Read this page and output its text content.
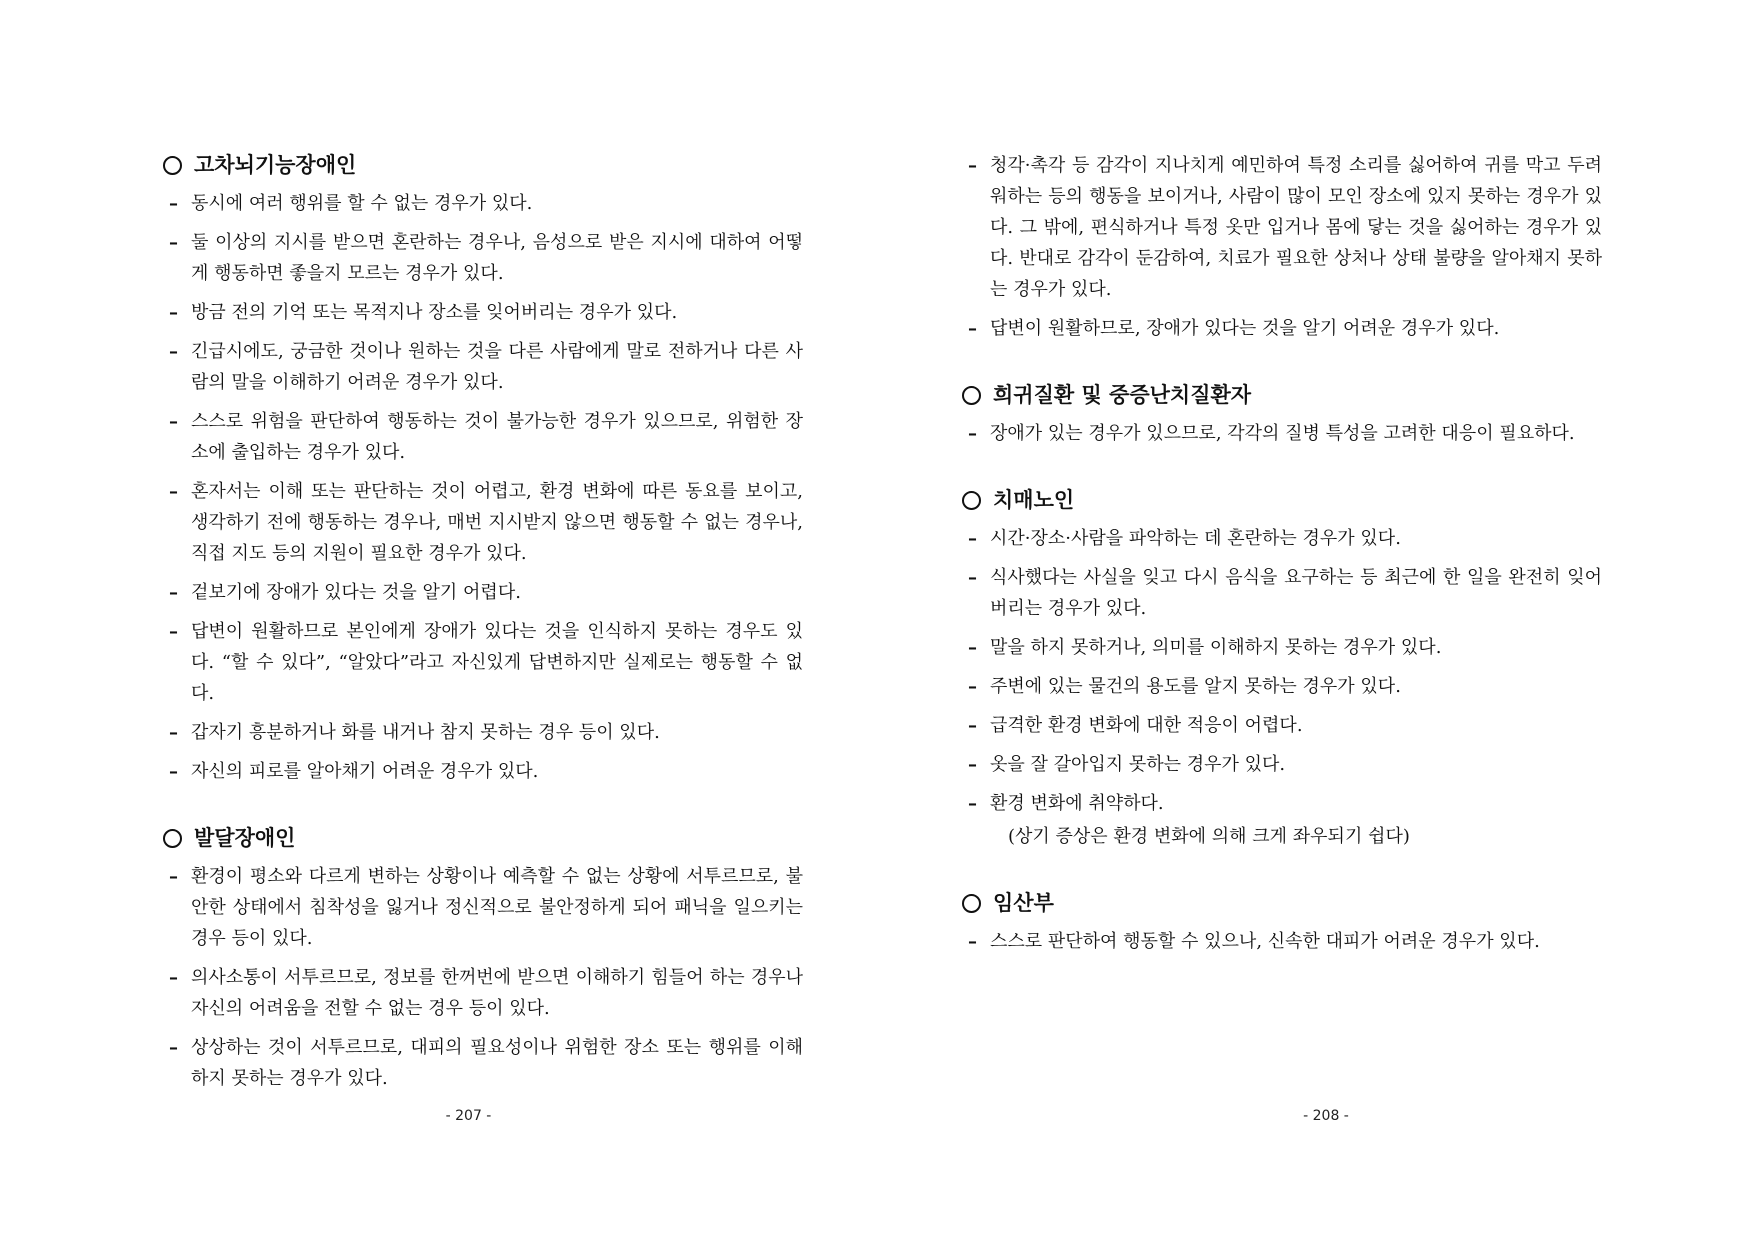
고차뇌기능장애인
– 동시에 여러 행위를 할 수 없는 경우가 있다.
– 둘 이상의 지시를 받으면 혼란하는 경우나, 음성으로 받은 지시에 대하여 어떻게 행동하면 좋을지 모르는 경우가 있다.
– 방금 전의 기억 또는 목적지나 장소를 잊어버리는 경우가 있다.
– 긴급시에도, 궁금한 것이나 원하는 것을 다른 사람에게 말로 전하거나 다른 사람의 말을 이해하기 어려운 경우가 있다.
– 스스로 위험을 판단하여 행동하는 것이 불가능한 경우가 있으므로, 위험한 장소에 출입하는 경우가 있다.
– 혼자서는 이해 또는 판단하는 것이 어렵고, 환경 변화에 따른 동요를 보이고, 생각하기 전에 행동하는 경우나, 매번 지시받지 않으면 행동할 수 없는 경우나, 직접 지도 등의 지원이 필요한 경우가 있다.
– 겉보기에 장애가 있다는 것을 알기 어렵다.
– 답변이 원활하므로 본인에게 장애가 있다는 것을 인식하지 못하는 경우도 있다. “할 수 있다”, “알았다”라고 자신있게 답변하지만 실제로는 행동할 수 없다.
– 갑자기 흥분하거나 화를 내거나 참지 못하는 경우 등이 있다.
– 자신의 피로를 알아채기 어려운 경우가 있다.
발달장애인
– 환경이 평소와 다르게 변하는 상황이나 예측할 수 없는 상황에 서투르므로, 불안한 상태에서 침착성을 잃거나 정신적으로 불안정하게 되어 패닉을 일으키는 경우 등이 있다.
– 의사소통이 서투르므로, 정보를 한꺼번에 받으면 이해하기 힘들어 하는 경우나 자신의 어려움을 전할 수 없는 경우 등이 있다.
– 상상하는 것이 서투르므로, 대피의 필요성이나 위험한 장소 또는 행위를 이해하지 못하는 경우가 있다.
- 207 -
– 청각·촉각 등 감각이 지나치게 예민하여 특정 소리를 싫어하여 귀를 막고 두려워하는 등의 행동을 보이거나, 사람이 많이 모인 장소에 있지 못하는 경우가 있다. 그 밖에, 편식하거나 특정 옷만 입거나 몸에 닿는 것을 싫어하는 경우가 있다. 반대로 감각이 둔감하여, 치료가 필요한 상처나 상태 불량을 알아채지 못하는 경우가 있다.
– 답변이 원활하므로, 장애가 있다는 것을 알기 어려운 경우가 있다.
희귀질환 및 중증난치질환자
– 장애가 있는 경우가 있으므로, 각각의 질병 특성을 고려한 대응이 필요하다.
치매노인
– 시간·장소·사람을 파악하는 데 혼란하는 경우가 있다.
– 식사했다는 사실을 잊고 다시 음식을 요구하는 등 최근에 한 일을 완전히 잊어버리는 경우가 있다.
– 말을 하지 못하거나, 의미를 이해하지 못하는 경우가 있다.
– 주변에 있는 물건의 용도를 알지 못하는 경우가 있다.
– 급격한 환경 변화에 대한 적응이 어렵다.
– 옷을 잘 갈아입지 못하는 경우가 있다.
– 환경 변화에 취약하다.
(상기 증상은 환경 변화에 의해 크게 좌우되기 쉽다)
임산부
– 스스로 판단하여 행동할 수 있으나, 신속한 대피가 어려운 경우가 있다.
- 208 -
